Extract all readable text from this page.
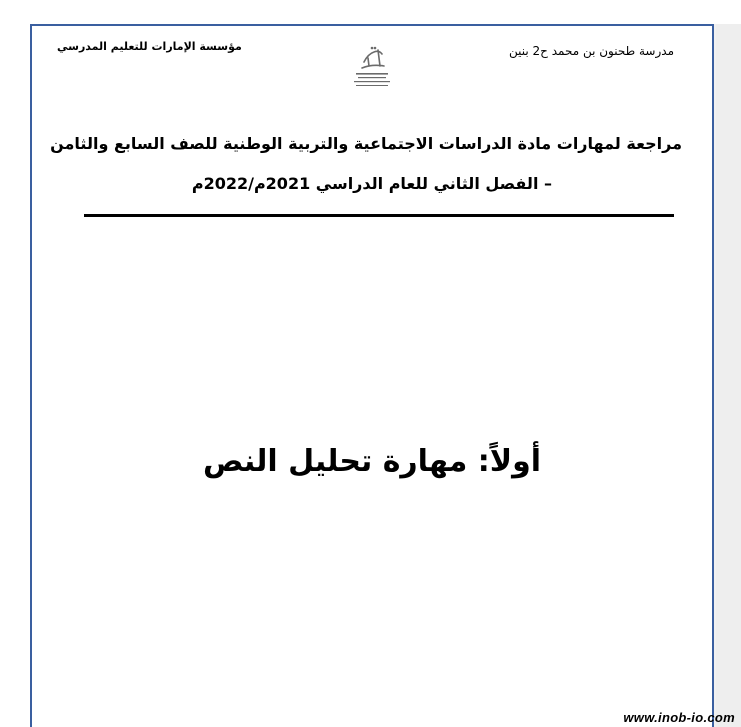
مدرسة طحنون بن محمد ح2 بنين
مؤسسة الإمارات للتعليم المدرسي
مراجعة لمهارات مادة الدراسات الاجتماعية والتربية الوطنية للصف السابع والثامن
– الفصل الثاني للعام الدراسي 2021م/2022م
أولاً: مهارة تحليل النص
www.inob-io.com
